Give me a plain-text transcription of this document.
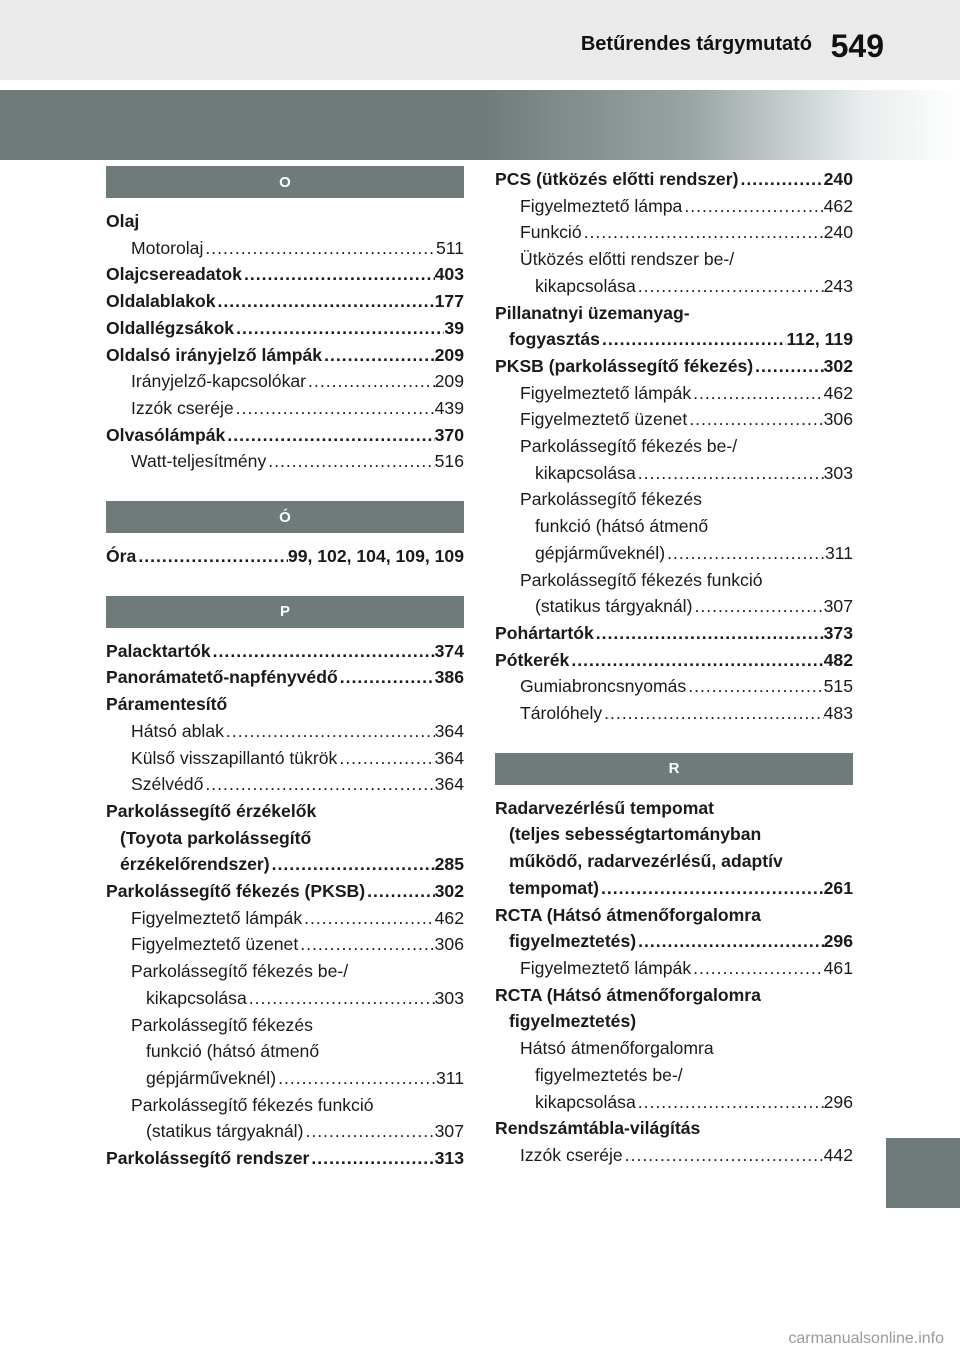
Betűrendes tárgymutató 549
O
Olaj
Motorolaj .....	511
Olajcsereadatok .....	403
Oldalablakok .....	177
Oldallégzsákok .....	39
Oldalsó irányjelző lámpák .....	209
Irányjelző-kapcsolókar .....	209
Izzók cseréje .....	439
Olvasólámpák .....	370
Watt-teljesítmény .....	516
Ó
Óra .....	99, 102, 104, 109, 109
P
Palacktartók .....	374
Panorámatető-napfényvédő .....	386
Páramentesítő
Hátsó ablak .....	364
Külső visszapillantó tükrök .....	364
Szélvédő .....	364
Parkolássegítő érzékelők
(Toyota parkolássegítő
érzékelőrendszer) .....	285
Parkolássegítő fékezés (PKSB) .....	302
Figyelmeztető lámpák .....	462
Figyelmeztető üzenet .....	306
Parkolássegítő fékezés be-/
kikapcsolása .....	303
Parkolássegítő fékezés
funkció (hátsó átmenő
gépjárművekné​l) .....	311
Parkolássegítő fékezés funkció
(statikus tárgyaknál) .....	307
Parkolássegítő rendszer .....	313
PCS (ütközés előtti rendszer) .....	240
Figyelmeztető lámpa .....	462
Funkció .....	240
Ütközés előtti rendszer be-/
kikapcsolása .....	243
Pillanatnyi üzemanyag-
fogyasztás .....	112, 119
PKSB (parkolássegítő fékezés) .....	302
Figyelmeztető lámpák .....	462
Figyelmeztető üzenet .....	306
Parkolássegítő fékezés be-/
kikapcsolása .....	303
Parkolássegítő fékezés
funkció (hátsó átmenő
gépjárművekné​l) .....	311
Parkolássegítő fékezés funkció
(statikus tárgyaknál) .....	307
Pohártartók .....	373
Pótkerék .....	482
Gumiabroncsnyomás .....	515
Tárolóhely .....	483
R
Radarvezérlésű tempomat
(teljes sebességtartományban
működő, radarvezérlésű, adaptív
tempomat) .....	261
RCTA (Hátsó átmenőforgalomra
figyelmeztetés) .....	296
Figyelmeztető lámpák .....	461
RCTA (Hátsó átmenőforgalomra
figyelmeztetés)
Hátsó átmenőforgalomra
figyelmeztetés be-/
kikapcsolása .....	296
Rendszámtábla-világítás
Izzók cseréje .....	442
carmanualsonline.info
